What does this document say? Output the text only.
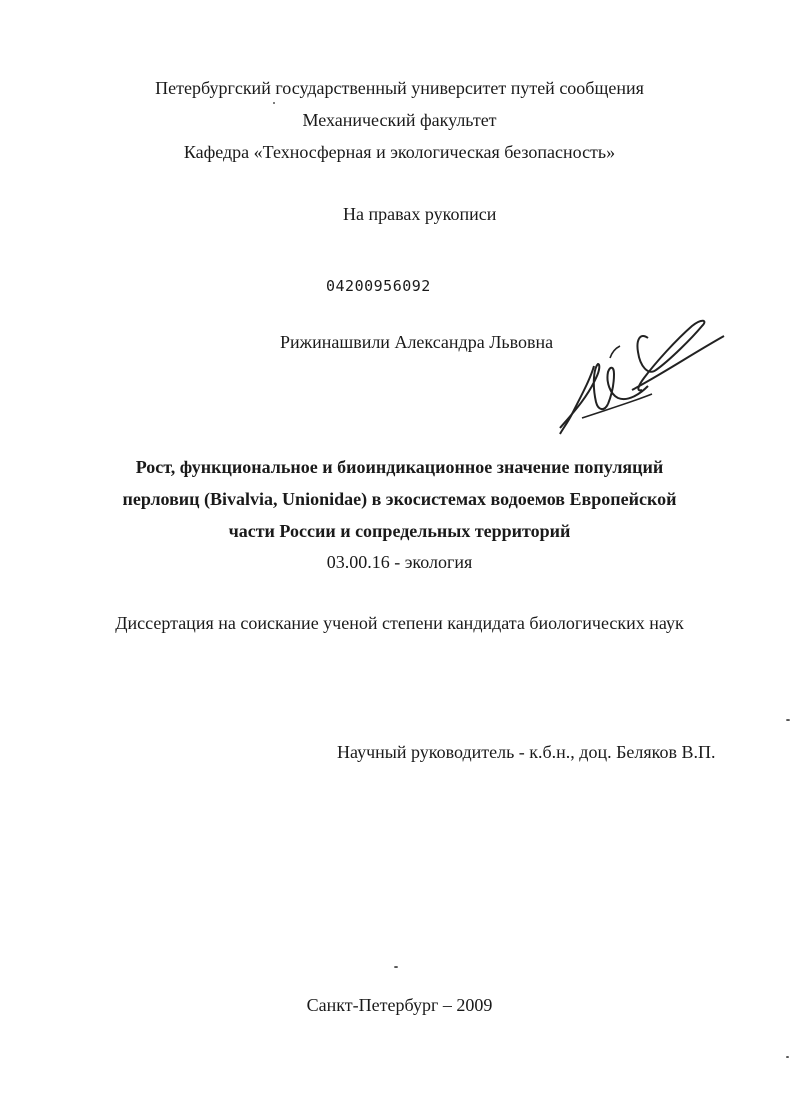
Петербургский государственный университет путей сообщения
Механический факультет
Кафедра «Техносферная и экологическая безопасность»
На правах рукописи
04200956092
Рижинашвили Александра Львовна
Рост, функциональное и биоиндикационное значение популяций
перловиц (Bivalvia, Unionidae) в экосистемах водоемов Европейской
части России и сопредельных территорий
03.00.16 - экология
Диссертация на соискание ученой степени кандидата биологических наук
Научный руководитель - к.б.н., доц. Беляков В.П.
Санкт-Петербург – 2009
